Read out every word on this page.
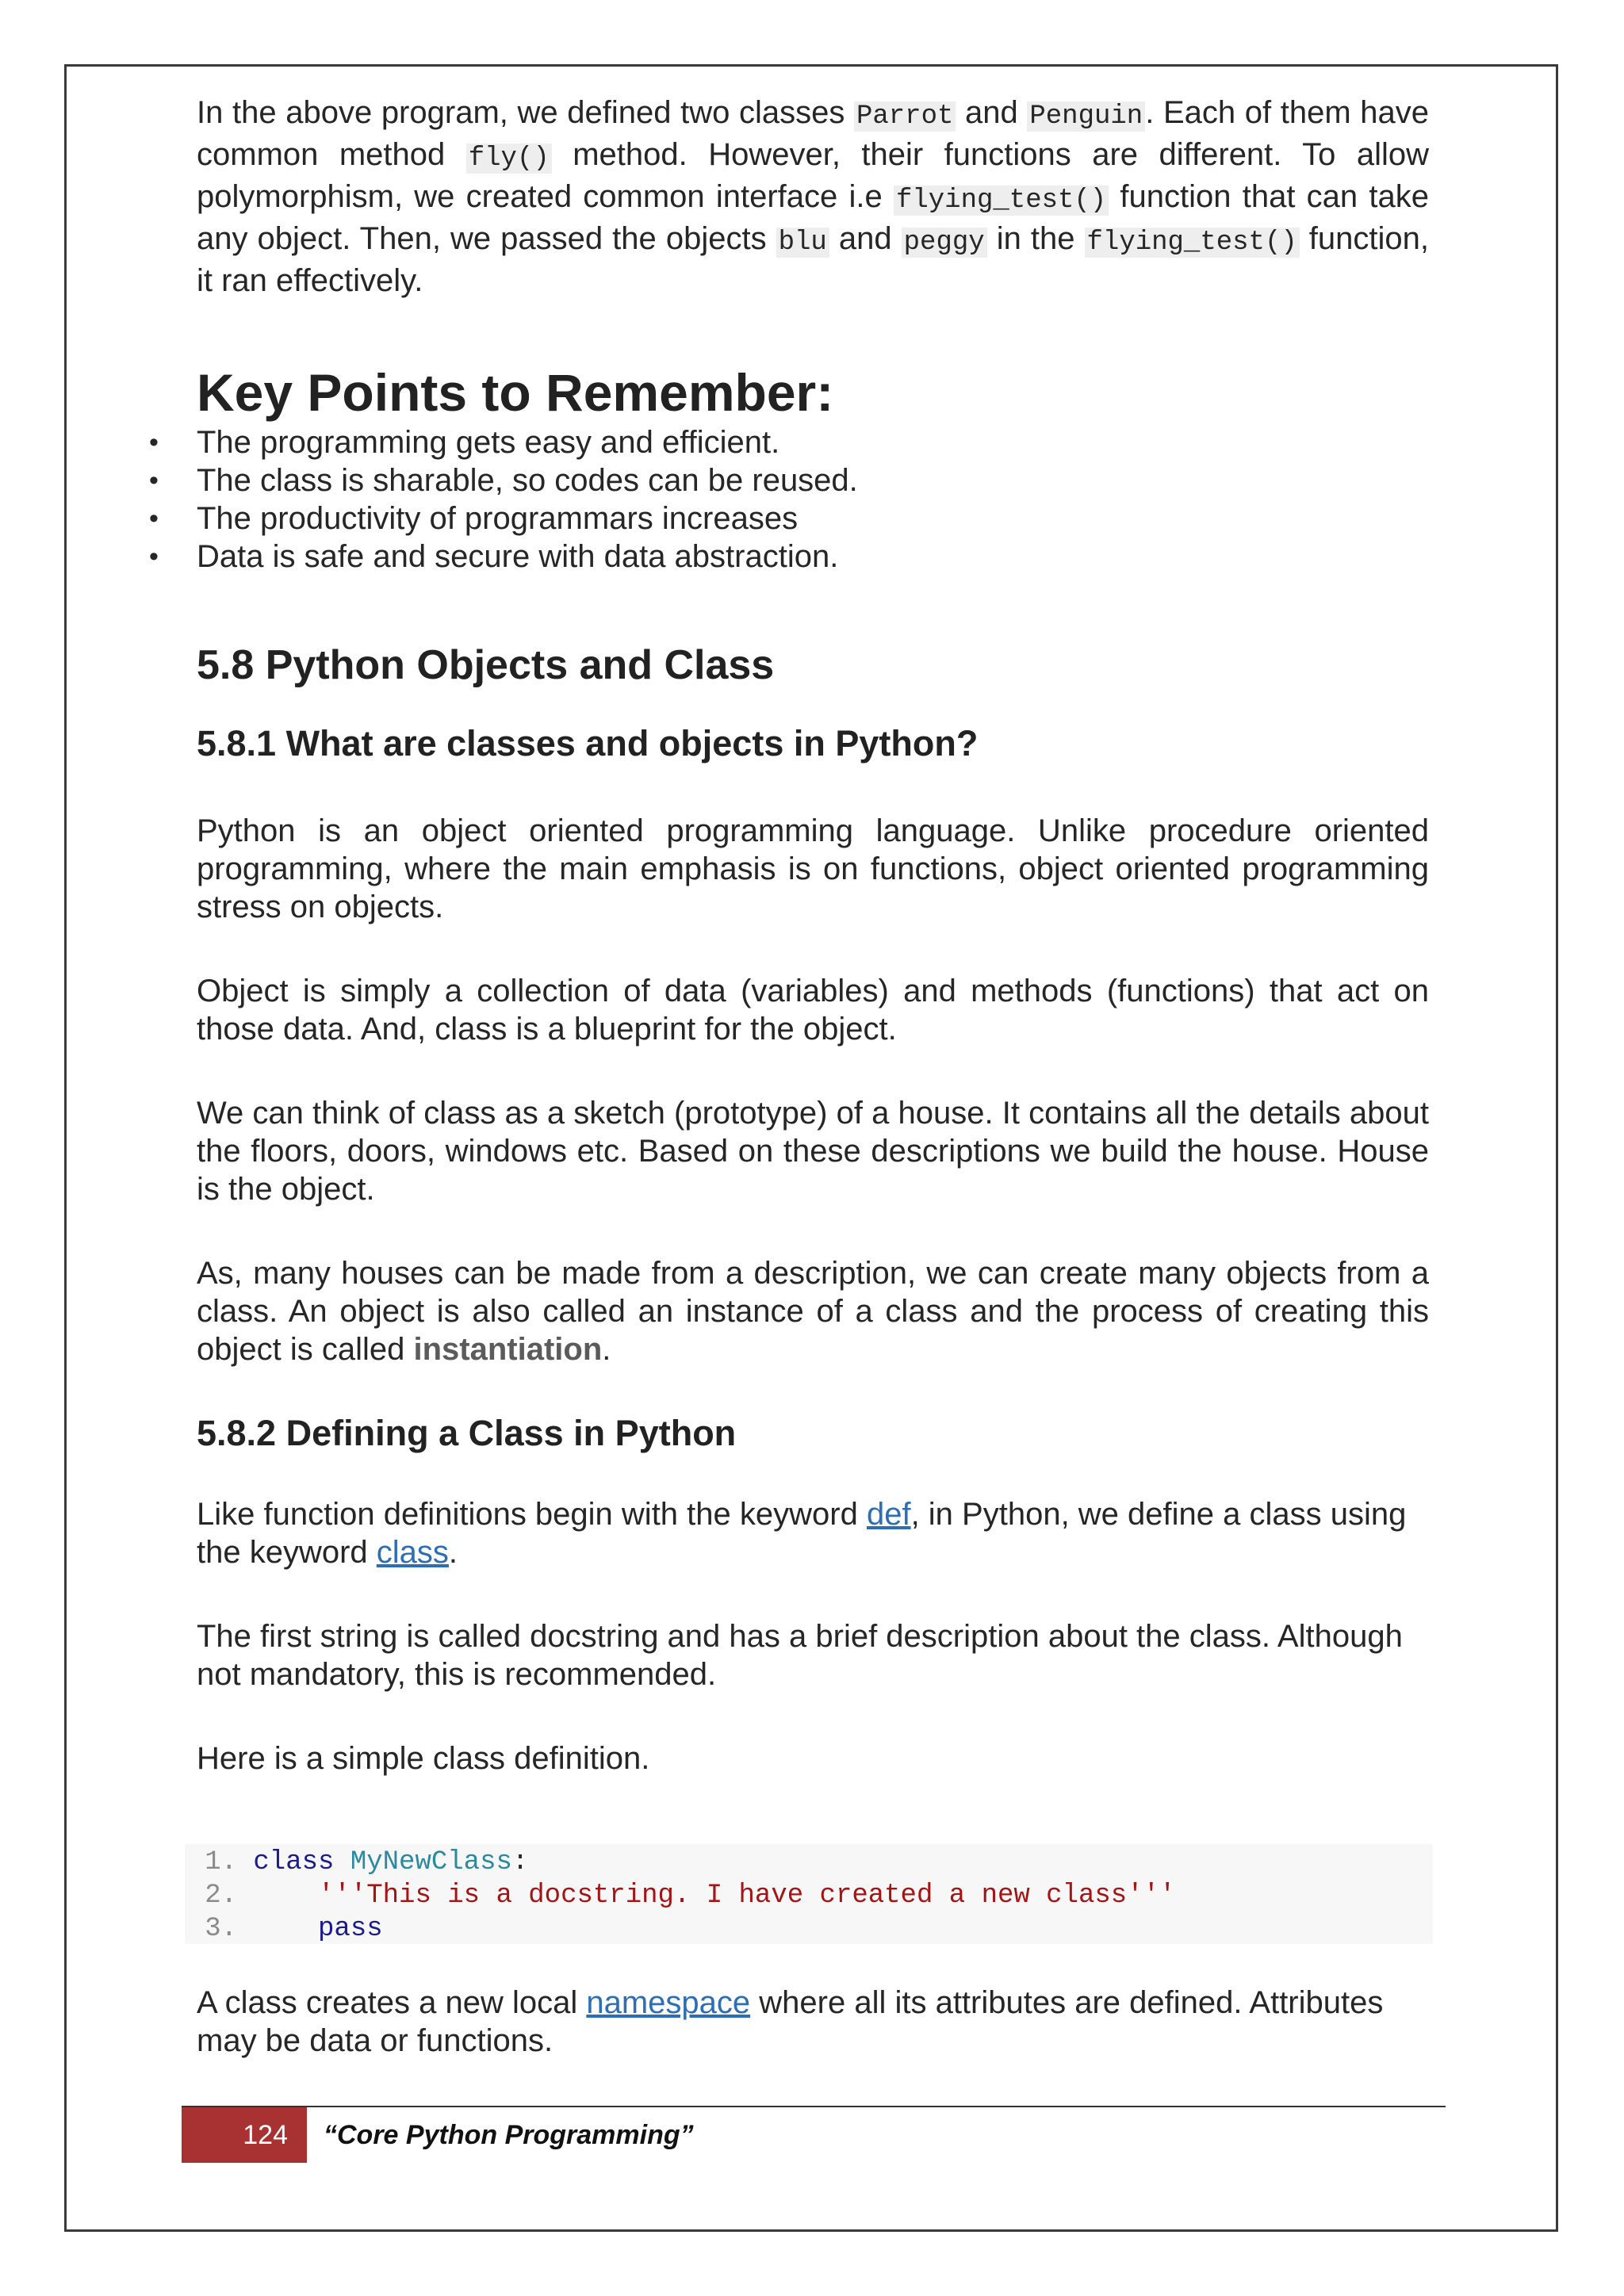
In the above program, we defined two classes Parrot and Penguin. Each of them have common method fly() method. However, their functions are different. To allow polymorphism, we created common interface i.e flying_test() function that can take any object. Then, we passed the objects blu and peggy in the flying_test() function, it ran effectively.

Key Points to Remember:
• The programming gets easy and efficient.
• The class is sharable, so codes can be reused.
• The productivity of programmars increases
• Data is safe and secure with data abstraction.
5.8 Python Objects and Class
5.8.1 What are classes and objects in Python?

Python is an object oriented programming language. Unlike procedure oriented programming, where the main emphasis is on functions, object oriented programming stress on objects.

Object is simply a collection of data (variables) and methods (functions) that act on those data. And, class is a blueprint for the object.

We can think of class as a sketch (prototype) of a house. It contains all the details about the floors, doors, windows etc. Based on these descriptions we build the house. House is the object.

As, many houses can be made from a description, we can create many objects from a class. An object is also called an instance of a class and the process of creating this object is called instantiation.

5.8.2 Defining a Class in Python

Like function definitions begin with the keyword def, in Python, we define a class using the keyword class.

The first string is called docstring and has a brief description about the class. Although not mandatory, this is recommended.

Here is a simple class definition.

1. class MyNewClass:
2.	'''This is a docstring. I have created a new class'''
3.	pass

A class creates a new local namespace where all its attributes are defined. Attributes may be data or functions.

124	“Core Python Programming”
